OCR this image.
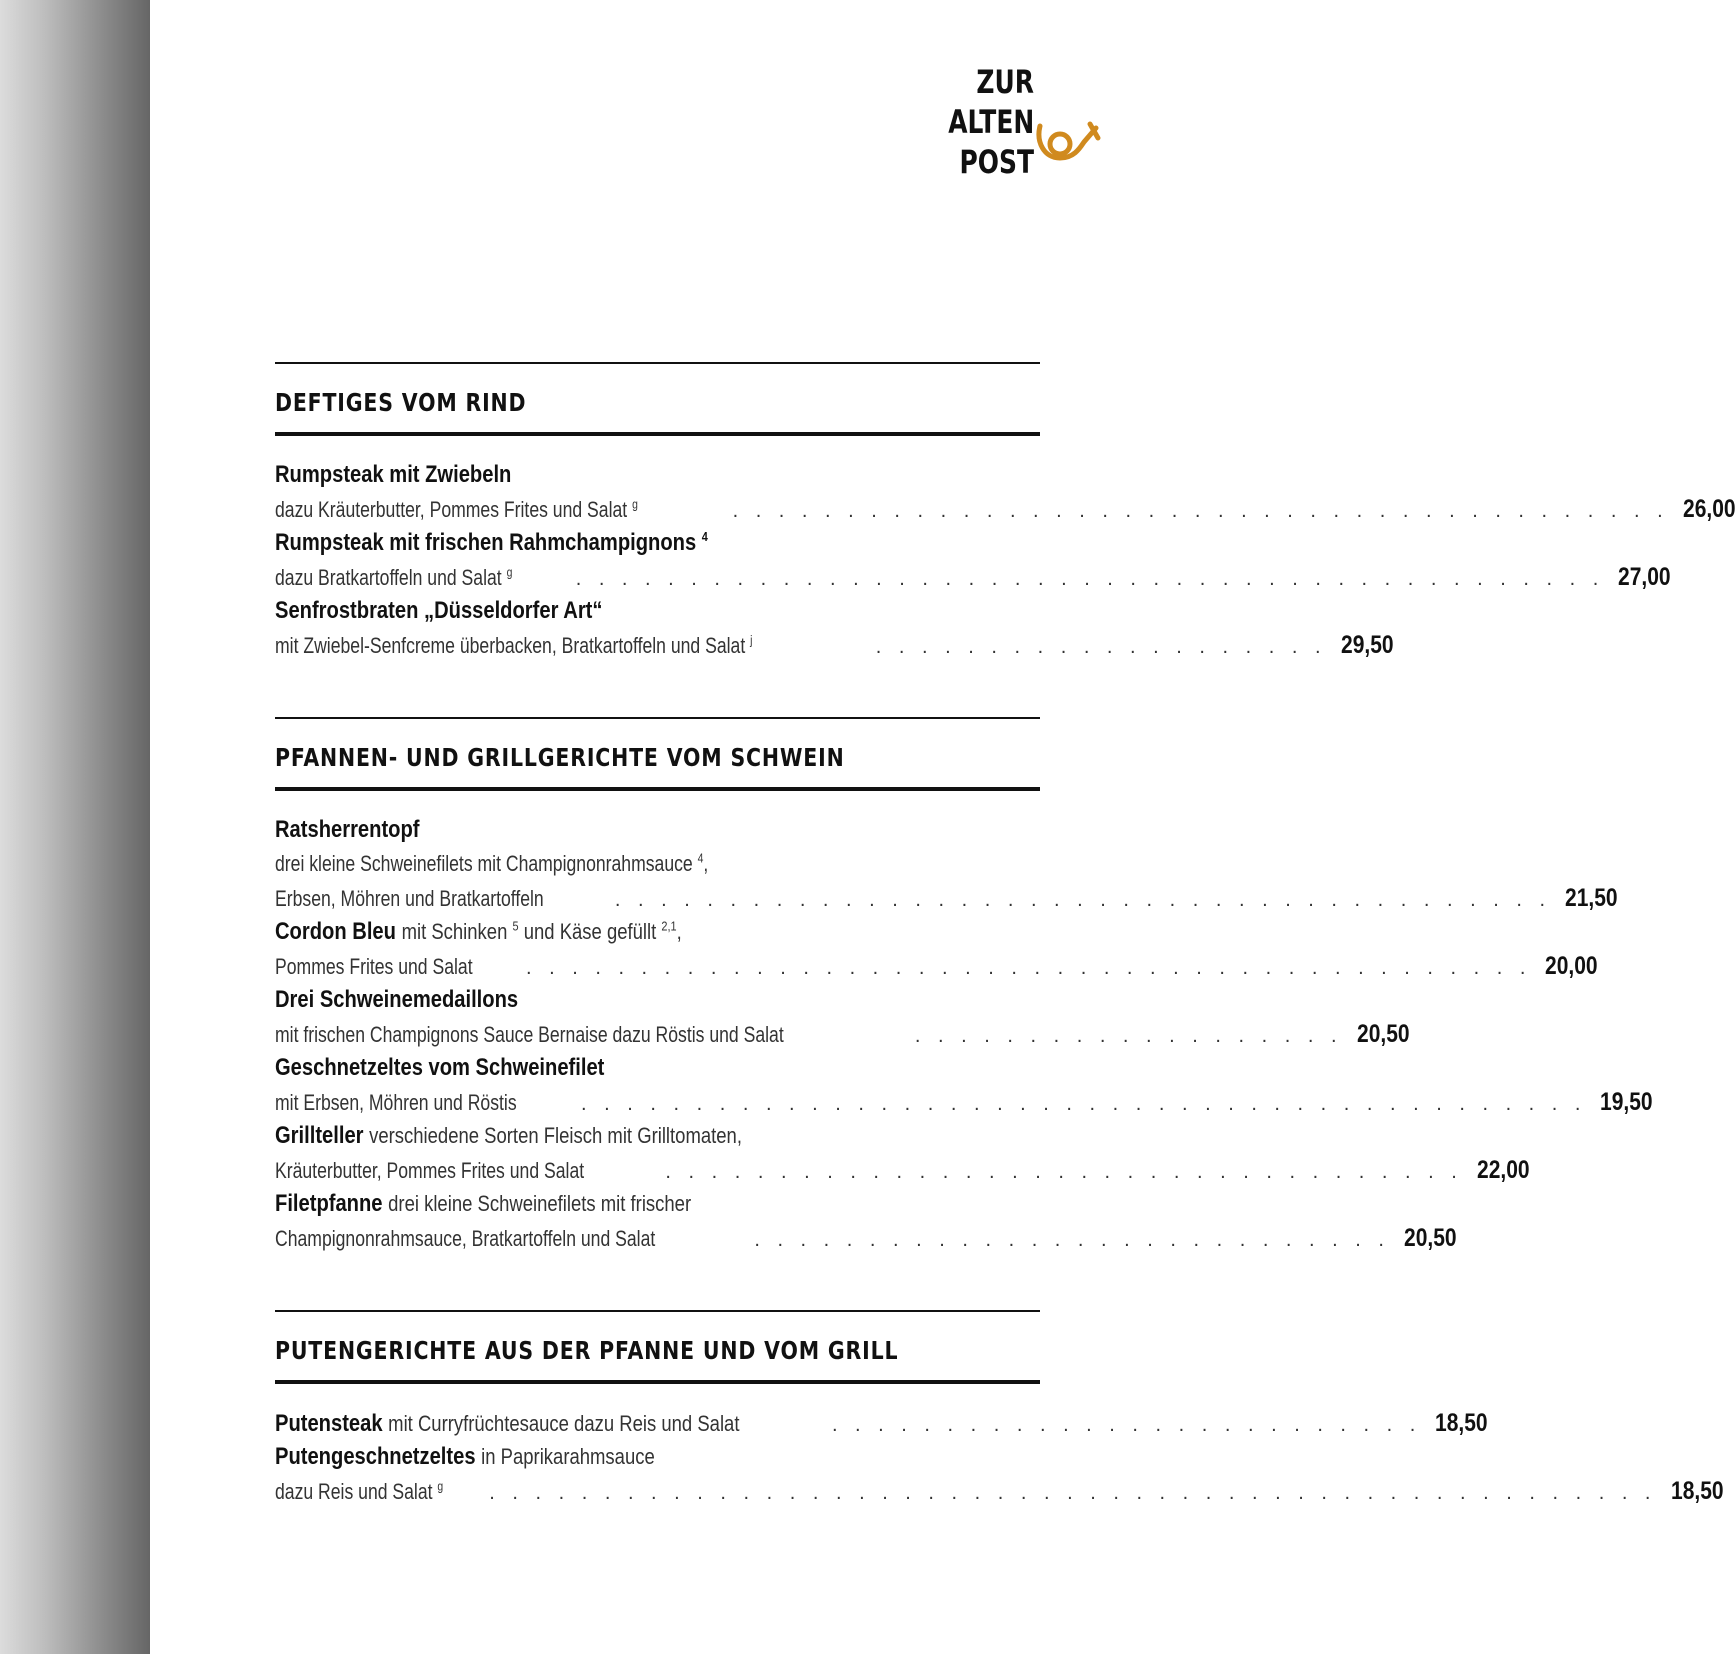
ZUR
ALTEN
POST
DEFTIGES VOM RIND
Rumpsteak mit Zwiebeln
dazu Kräuterbutter, Pommes Frites und Salat $^g$	. . . . . . . . . . . . . . . . . . . . . . . . . . . . . . . . . . . . . . . . . 26,00
Rumpsteak mit frischen Rahmchampignons $^4$
dazu Bratkartoffeln und Salat $^g$	. . . . . . . . . . . . . . . . . . . . . . . . . . . . . . . . . . . . . . . . . . . . . 27,00
Senfrostbraten „Düsseldorfer Art“
mit Zwiebel-Senfcreme überbacken, Bratkartoffeln und Salat $^j$	. . . . . . . . . . . . . . . . . . . . 29,50
PFANNEN- UND GRILLGERICHTE VOM SCHWEIN
Ratsherrentopf
drei kleine Schweinefilets mit Champignonrahmsauce $^4$,
Erbsen, Möhren und Bratkartoffeln	. . . . . . . . . . . . . . . . . . . . . . . . . . . . . . . . . . . . . . . . . 21,50
Cordon Bleu mit Schinken $^5$ und Käse gefüllt $^{2,1}$,
Pommes Frites und Salat	. . . . . . . . . . . . . . . . . . . . . . . . . . . . . . . . . . . . . . . . . . . . 20,00
Drei Schweinemedaillons
mit frischen Champignons Sauce Bernaise dazu Röstis und Salat	. . . . . . . . . . . . . . . . . . . 20,50
Geschnetzeltes vom Schweinefilet
mit Erbsen, Möhren und Röstis	. . . . . . . . . . . . . . . . . . . . . . . . . . . . . . . . . . . . . . . . . . . . 19,50
Grillteller verschiedene Sorten Fleisch mit Grilltomaten,
Kräuterbutter, Pommes Frites und Salat	. . . . . . . . . . . . . . . . . . . . . . . . . . . . . . . . . . . 22,00
Filetpfanne drei kleine Schweinefilets mit frischer
Champignonrahmsauce, Bratkartoffeln und Salat	. . . . . . . . . . . . . . . . . . . . . . . . . . . . 20,50
PUTENGERICHTE AUS DER PFANNE UND VOM GRILL
Putensteak mit Curryfrüchtesauce dazu Reis und Salat	. . . . . . . . . . . . . . . . . . . . . . . . . . 18,50
Putengeschnetzeltes in Paprikarahmsauce
dazu Reis und Salat $^g$	. . . . . . . . . . . . . . . . . . . . . . . . . . . . . . . . . . . . . . . . . . . . . . . . . . . 18,50
